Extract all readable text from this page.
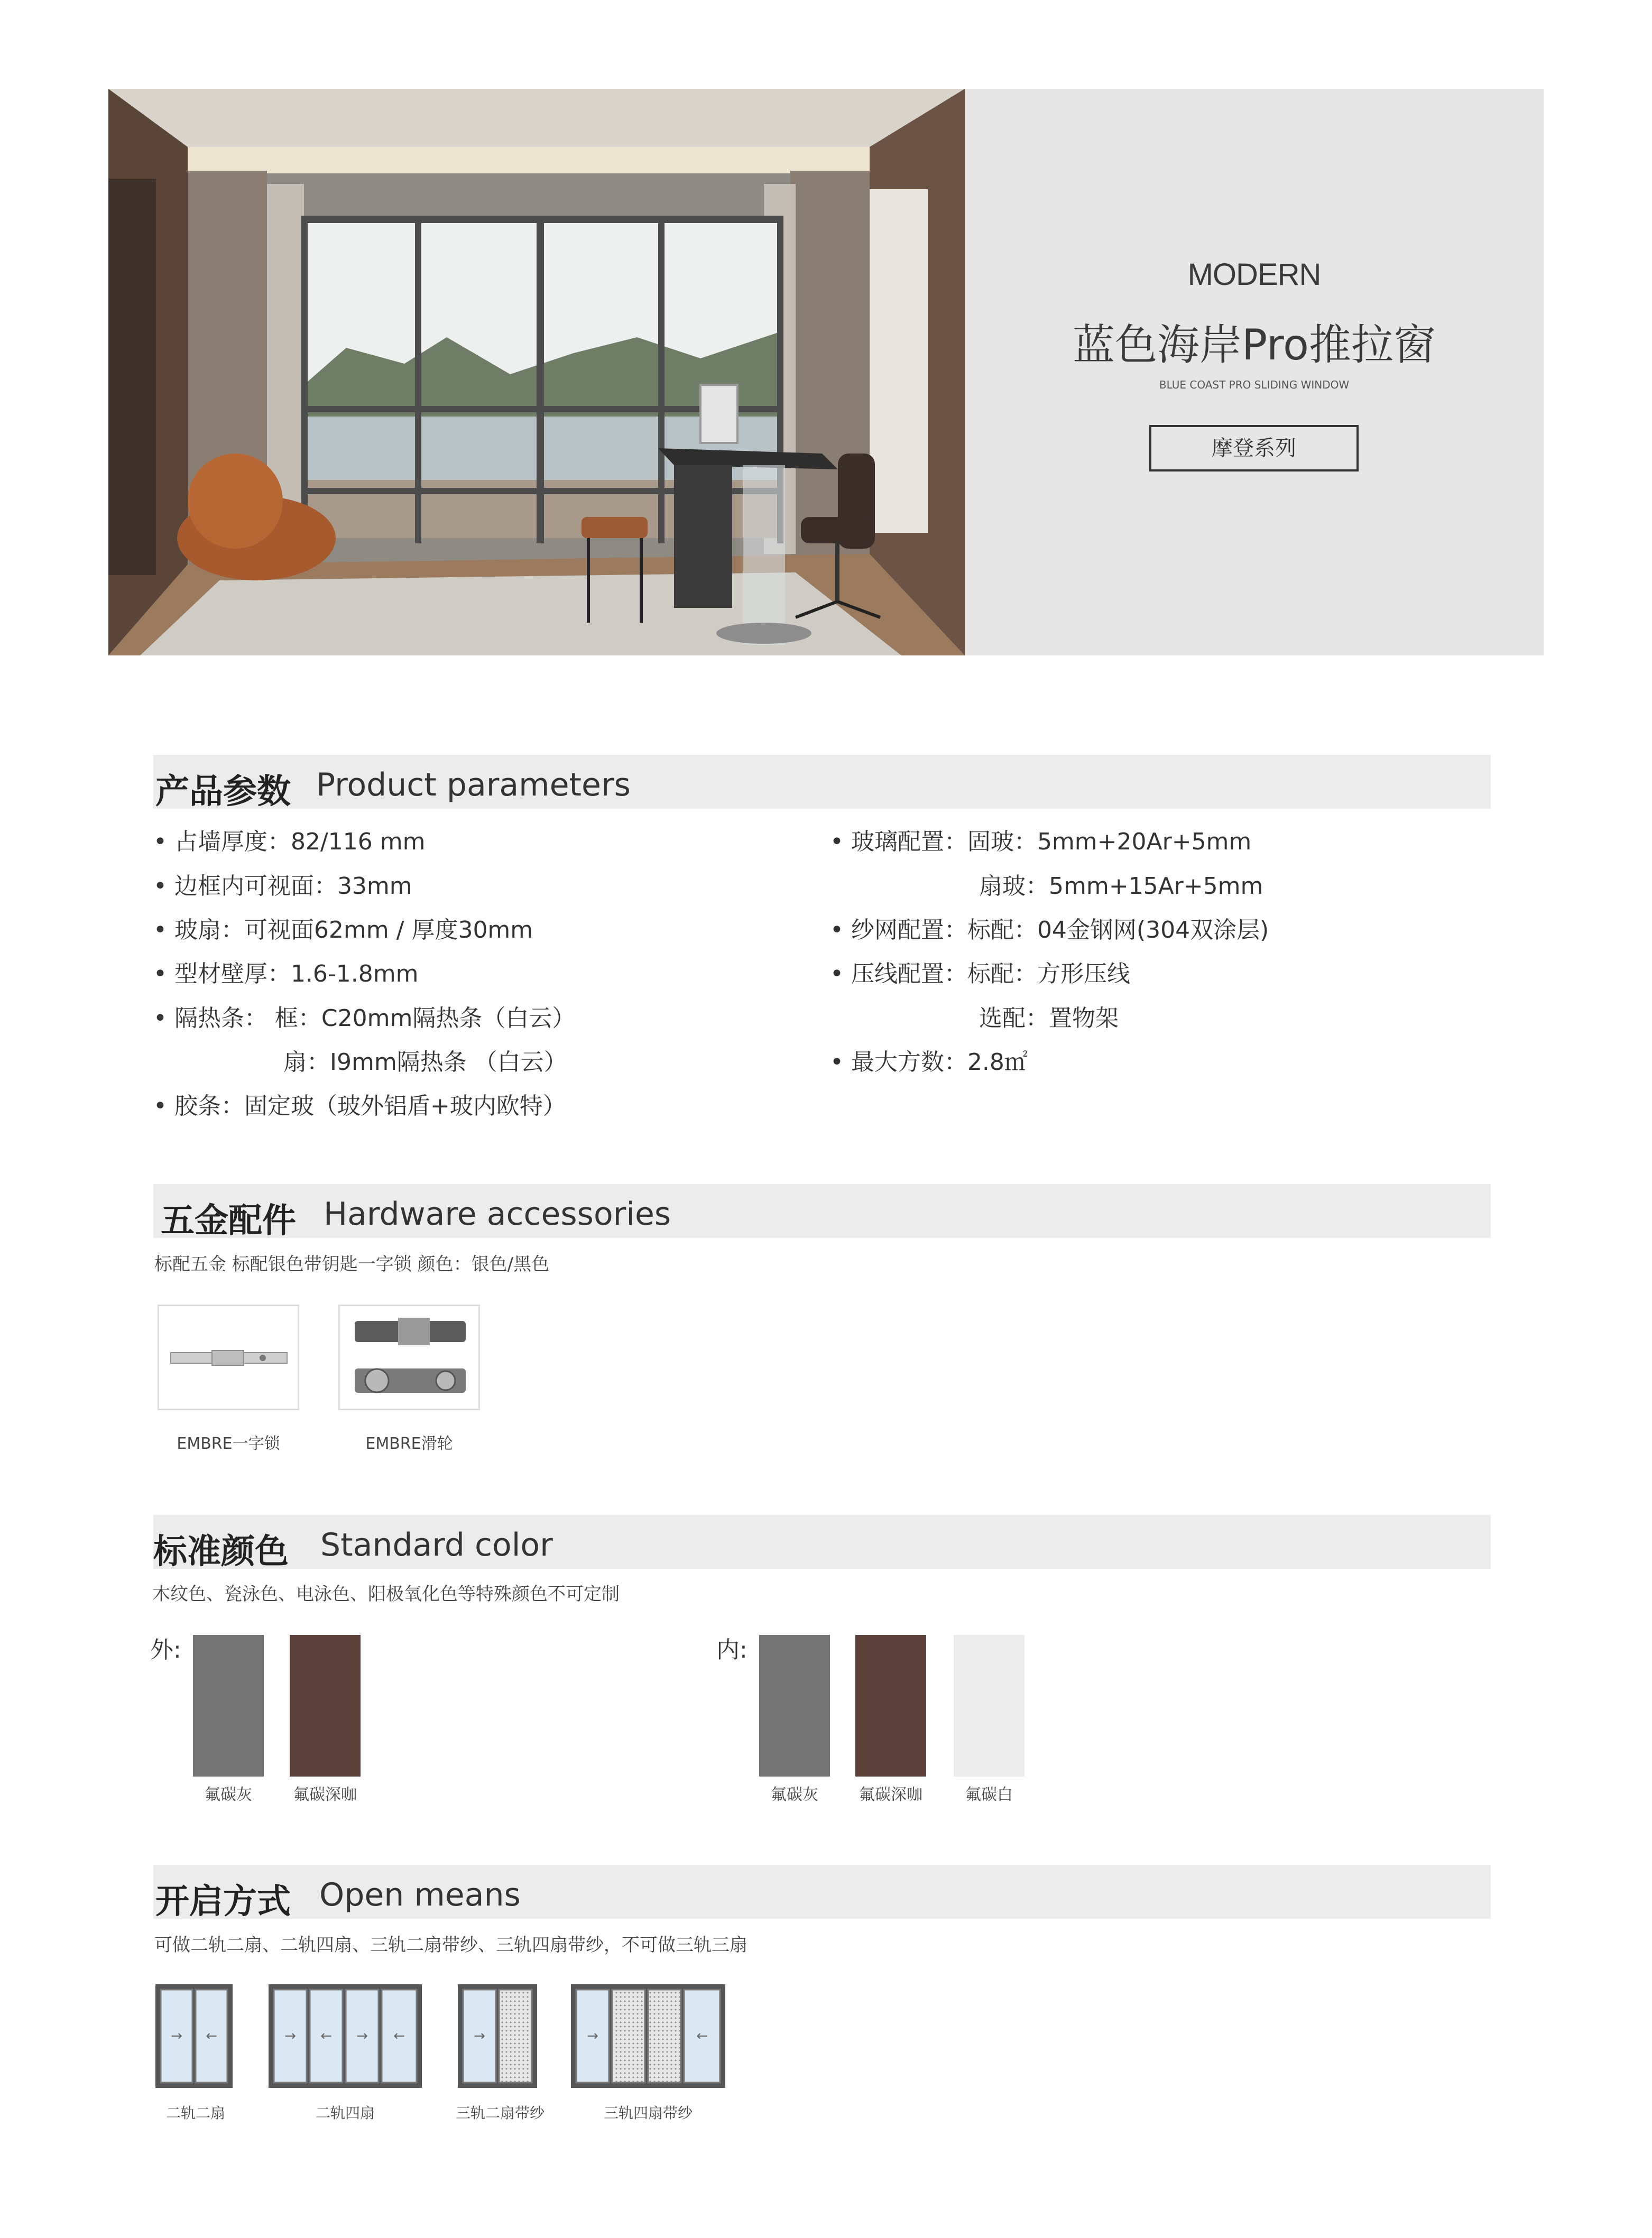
MODERN
蓝色海岸Pro推拉窗
BLUE COAST PRO SLIDING WINDOW
摩登系列
产品参数 Product parameters
• 占墙厚度：82/116 mm
• 边框内可视面：33mm
• 玻扇：可视面62mm / 厚度30mm
• 型材壁厚：1.6-1.8mm
• 隔热条： 框：C20mm隔热条（白云）
扇：I9mm隔热条 （白云）
• 胶条：固定玻（玻外铝盾+玻内欧特）
• 玻璃配置：固玻：5mm+20Ar+5mm
扇玻：5mm+15Ar+5mm
• 纱网配置：标配：04金钢网(304双涂层)
• 压线配置：标配：方形压线
选配：置物架
• 最大方数：2.8㎡
五金配件 Hardware accessories
标配五金 标配银色带钥匙一字锁 颜色：银色/黑色
EMBRE一字锁	EMBRE滑轮
标准颜色 Standard color
木纹色、瓷泳色、电泳色、阳极氧化色等特殊颜色不可定制
外:
氟碳灰	氟碳深咖
内:
氟碳灰	氟碳深咖	氟碳白
开启方式 Open means
可做二轨二扇、二轨四扇、三轨二扇带纱、三轨四扇带纱，不可做三轨三扇
→ ←	→ ← → ←	→	→	←
二轨二扇	二轨四扇	三轨二扇带纱	三轨四扇带纱
